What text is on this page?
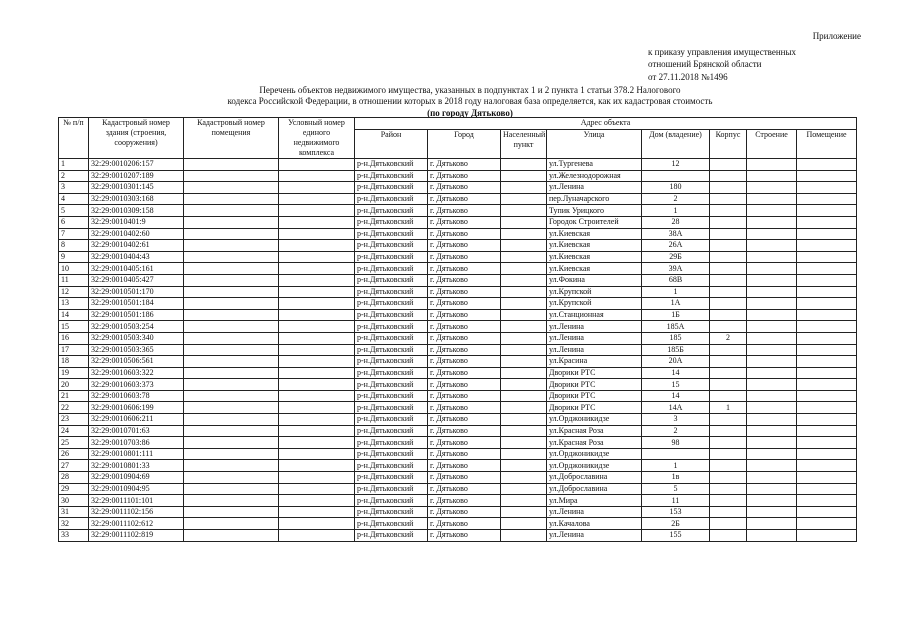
Приложение
к приказу управления имущественных
отношений Брянской области
от 27.11.2018 №1496
Перечень объектов недвижимого имущества, указанных в подпунктах 1 и 2 пункта 1 статьи 378.2 Налогового
кодекса Российской Федерации, в отношении которых в 2018 году налоговая база определяется, как их кадастровая стоимость
(по городу Дятьково)
№ п/п	Кадастровый номер здания (строения, сооружения)	Кадастровый номер помещения	Условный номер единого недвижимого комплекса	Адрес объекта							
				Район	Город	Населенный пункт	Улица	Дом (владение)	Корпус	Строение	Помещение
1	32:29:0010206:157			р-н.Дятьковский	г. Дятьково		ул.Тургенева	12			
2	32:29:0010207:189			р-н.Дятьковский	г. Дятьково		ул.Железнодорожная				
3	32:29:0010301:145			р-н.Дятьковский	г. Дятьково		ул.Ленина	180			
4	32:29:0010303:168			р-н.Дятьковский	г. Дятьково		пер.Луначарского	2			
5	32:29:0010309:158			р-н.Дятьковский	г. Дятьково		Тупик Урицкого	1			
6	32:29:0010401:9			р-н.Дятьковский	г. Дятьково		Городок Строителей	28			
7	32:29:0010402:60			р-н.Дятьковский	г. Дятьково		ул.Киевская	38А			
8	32:29:0010402:61			р-н.Дятьковский	г. Дятьково		ул.Киевская	26А			
9	32:29:0010404:43			р-н.Дятьковский	г. Дятьково		ул.Киевская	29Б			
10	32:29:0010405:161			р-н.Дятьковский	г. Дятьково		ул.Киевская	39А			
11	32:29:0010405:427			р-н.Дятьковский	г. Дятьково		ул.Фокина	68В			
12	32:29:0010501:170			р-н.Дятьковский	г. Дятьково		ул.Крупской	1			
13	32:29:0010501:184			р-н.Дятьковский	г. Дятьково		ул.Крупской	1А			
14	32:29:0010501:186			р-н.Дятьковский	г. Дятьково		ул.Станционная	1Б			
15	32:29:0010503:254			р-н.Дятьковский	г. Дятьково		ул.Ленина	185А			
16	32:29:0010503:340			р-н.Дятьковский	г. Дятьково		ул.Ленина	185	2		
17	32:29:0010503:365			р-н.Дятьковский	г. Дятьково		ул.Ленина	185Б			
18	32:29:0010506:561			р-н.Дятьковский	г. Дятьково		ул.Красина	20А			
19	32:29:0010603:322			р-н.Дятьковский	г. Дятьково		Дворики РТС	14			
20	32:29:0010603:373			р-н.Дятьковский	г. Дятьково		Дворики РТС	15			
21	32:29:0010603:78			р-н.Дятьковский	г. Дятьково		Дворики РТС	14			
22	32:29:0010606:199			р-н.Дятьковский	г. Дятьково		Дворики РТС	14А	1		
23	32:29:0010606:211			р-н.Дятьковский	г. Дятьково		ул.Орджоникидзе	3			
24	32:29:0010701:63			р-н.Дятьковский	г. Дятьково		ул.Красная Роза	2			
25	32:29:0010703:86			р-н.Дятьковский	г. Дятьково		ул.Красная Роза	98			
26	32:29:0010801:111			р-н.Дятьковский	г. Дятьково		ул.Орджоникидзе				
27	32:29:0010801:33			р-н.Дятьковский	г. Дятьково		ул.Орджоникидзе	1			
28	32:29:0010904:69			р-н.Дятьковский	г. Дятьково		ул.Доброславина	1в			
29	32:29:0010904:95			р-н.Дятьковский	г. Дятьково		ул.Доброславина	5			
30	32:29:0011101:101			р-н.Дятьковский	г. Дятьково		ул.Мира	11			
31	32:29:0011102:156			р-н.Дятьковский	г. Дятьково		ул.Ленина	153			
32	32:29:0011102:612			р-н.Дятьковский	г. Дятьково		ул.Качалова	2Б			
33	32:29:0011102:819			р-н.Дятьковский	г. Дятьково		ул.Ленина	155			
